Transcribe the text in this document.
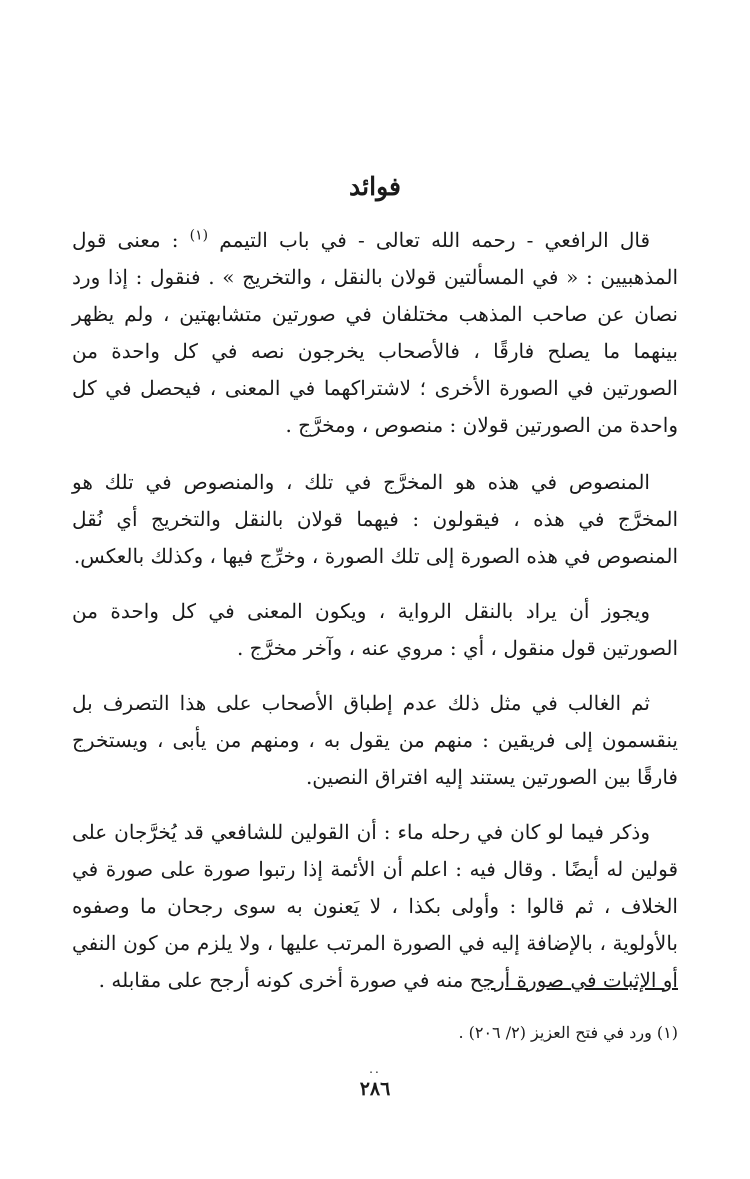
فوائد

قال الرافعي - رحمه الله تعالى - في باب التيمم $^{(١)}$ : معنى قول المذهبيين : « في المسألتين قولان بالنقل ، والتخريج » . فنقول : إذا ورد نصان عن صاحب المذهب مختلفان في صورتين متشابهتين ، ولم يظهر بينهما ما يصلح فارقًا ، فالأصحاب يخرجون نصه في كل واحدة من الصورتين في الصورة الأخرى ؛ لاشتراكهما في المعنى ، فيحصل في كل واحدة من الصورتين قولان : منصوص ، ومخرَّج .

المنصوص في هذه هو المخرَّج في تلك ، والمنصوص في تلك هو المخرَّج في هذه ، فيقولون : فيهما قولان بالنقل والتخريج أي نُقل المنصوص في هذه الصورة إلى تلك الصورة ، وخرِّج فيها ، وكذلك بالعكس.

ويجوز أن يراد بالنقل الرواية ، ويكون المعنى في كل واحدة من الصورتين قول منقول ، أي : مروي عنه ، وآخر مخرَّج .

ثم الغالب في مثل ذلك عدم إطباق الأصحاب على هذا التصرف بل ينقسمون إلى فريقين : منهم من يقول به ، ومنهم من يأبى ، ويستخرج فارقًا بين الصورتين يستند إليه افتراق النصين.

وذكر فيما لو كان في رحله ماء : أن القولين للشافعي قد يُخرَّجان على قولين له أيضًا . وقال فيه : اعلم أن الأئمة إذا رتبوا صورة على صورة في الخلاف ، ثم قالوا : وأولى بكذا ، لا يَعنون به سوى رجحان ما وصفوه بالأولوية ، بالإضافة إليه في الصورة المرتب عليها ، ولا يلزم من كون النفي أو الإثبات في صورة أرجح منه في صورة أخرى كونه أرجح على مقابله .

(١) ورد في فتح العزيز (٢/ ٢٠٦) .
..
٢٨٦
